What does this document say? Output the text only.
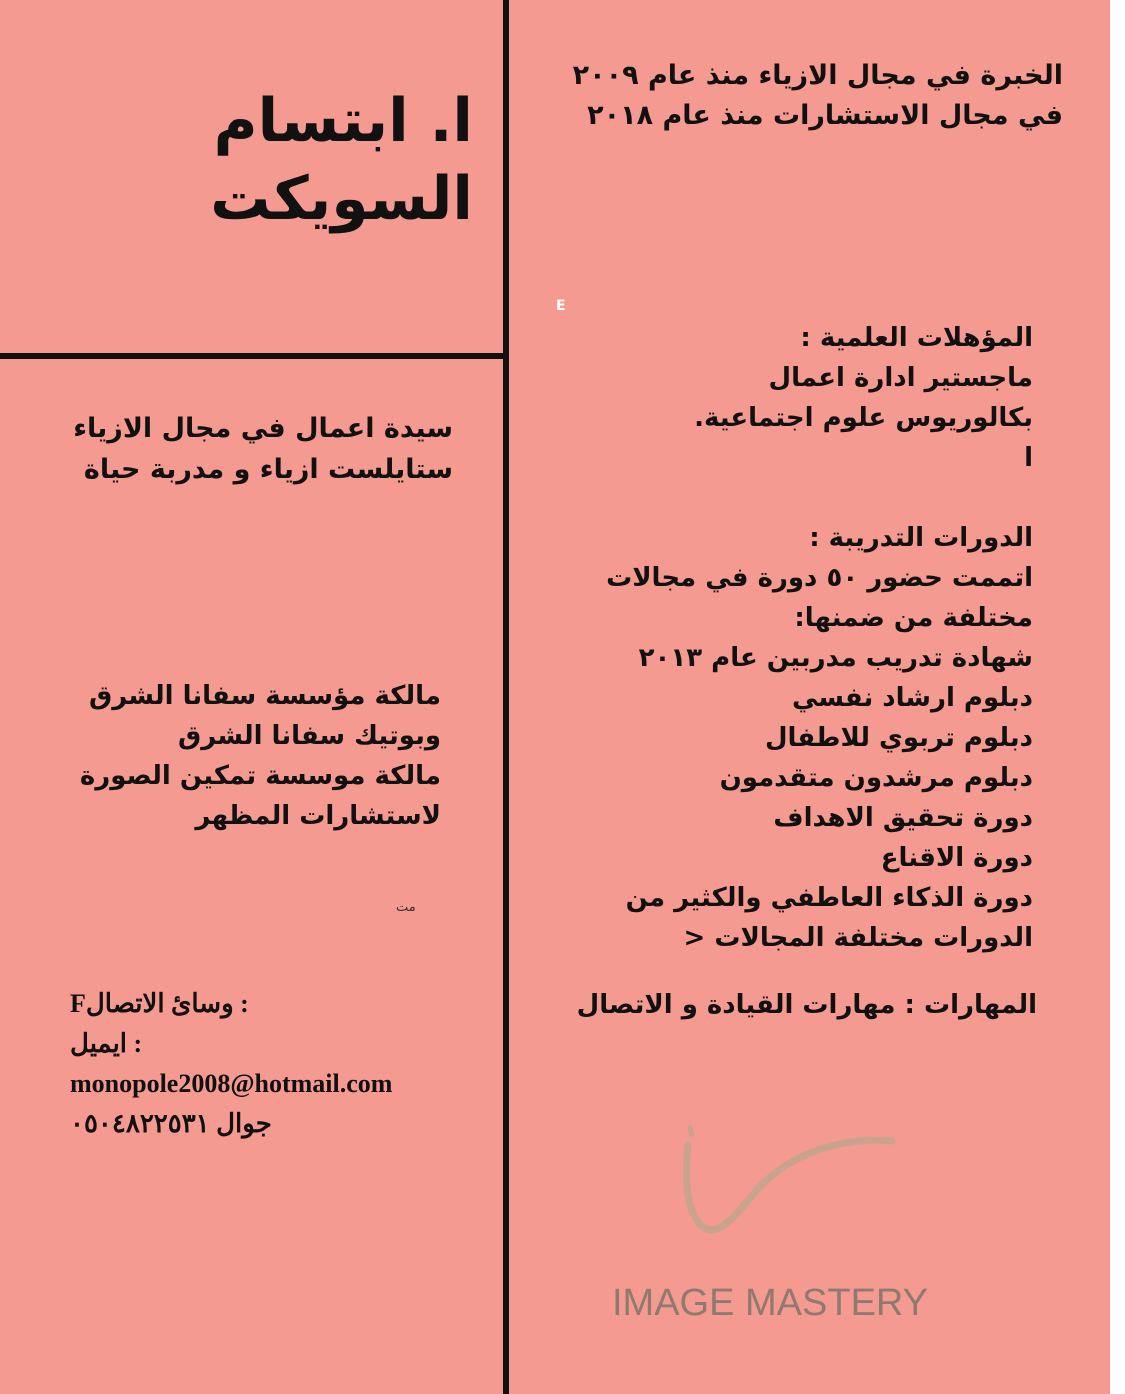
ا. ابتسام
السويكت
الخبرة في مجال الازياء منذ عام ٢٠٠٩
في مجال الاستشارات منذ عام ٢٠١٨
E
المؤهلات العلمية :
ماجستير ادارة اعمال
بكالوريوس علوم اجتماعية.
ا
الدورات التدريبة :
اتممت حضور ٥٠ دورة في مجالات
مختلفة من ضمنها:
شهادة تدريب مدربين عام ٢٠١٣
دبلوم ارشاد نفسي
دبلوم تربوي للاطفال
دبلوم مرشدون متقدمون
دورة تحقيق الاهداف
دورة الاقناع
دورة الذكاء العاطفي والكثير من
الدورات مختلفة المجالات <
المهارات : مهارات القيادة و الاتصال
سيدة اعمال في مجال الازياء
ستايلست ازياء و مدربة حياة
مالكة مؤسسة سفانا الشرق
وبوتيك سفانا الشرق
مالكة موسسة تمكين الصورة
لاستشارات المظهر
مت
: وسائ الاتصالF
: ايميل
monopole2008@hotmail.com
جوال ٠٥٠٤٨٢٢٥٣١
IMAGE MASTERY
